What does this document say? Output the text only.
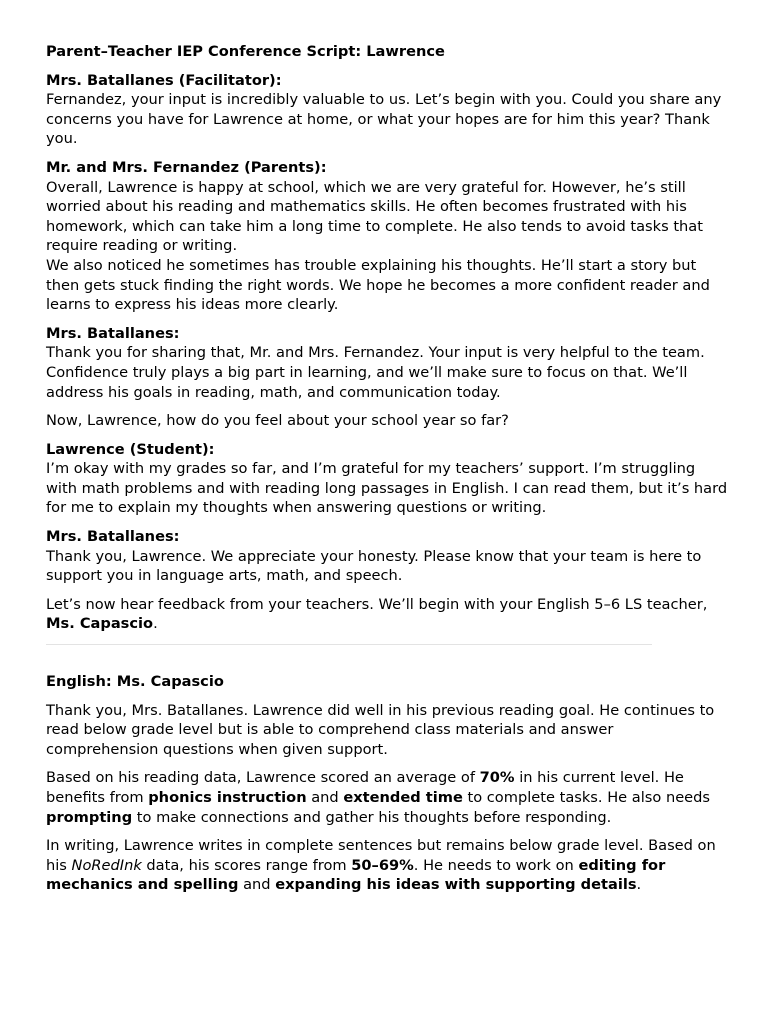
Parent–Teacher IEP Conference Script: Lawrence
Mrs. Batallanes (Facilitator):

Fernandez, your input is incredibly valuable to us. Let’s begin with you. Could you share any concerns you have for Lawrence at home, or what your hopes are for him this year? Thank you.

Mr. and Mrs. Fernandez (Parents):

Overall, Lawrence is happy at school, which we are very grateful for. However, he’s still worried about his reading and mathematics skills. He often becomes frustrated with his homework, which can take him a long time to complete. He also tends to avoid tasks that require reading or writing.

We also noticed he sometimes has trouble explaining his thoughts. He’ll start a story but then gets stuck finding the right words. We hope he becomes a more confident reader and learns to express his ideas more clearly.

Mrs. Batallanes:

Thank you for sharing that, Mr. and Mrs. Fernandez. Your input is very helpful to the team. Confidence truly plays a big part in learning, and we’ll make sure to focus on that. We’ll address his goals in reading, math, and communication today.

Now, Lawrence, how do you feel about your school year so far?

Lawrence (Student):

I’m okay with my grades so far, and I’m grateful for my teachers’ support. I’m struggling with math problems and with reading long passages in English. I can read them, but it’s hard for me to explain my thoughts when answering questions or writing.

Mrs. Batallanes:

Thank you, Lawrence. We appreciate your honesty. Please know that your team is here to support you in language arts, math, and speech.

Let’s now hear feedback from your teachers. We’ll begin with your English 5–6 LS teacher, Ms. Capascio.

English: Ms. Capascio

Thank you, Mrs. Batallanes. Lawrence did well in his previous reading goal. He continues to read below grade level but is able to comprehend class materials and answer comprehension questions when given support.

Based on his reading data, Lawrence scored an average of 70% in his current level. He benefits from phonics instruction and extended time to complete tasks. He also needs prompting to make connections and gather his thoughts before responding.

In writing, Lawrence writes in complete sentences but remains below grade level. Based on his NoRedInk data, his scores range from 50–69%. He needs to work on editing for mechanics and spelling and expanding his ideas with supporting details.
